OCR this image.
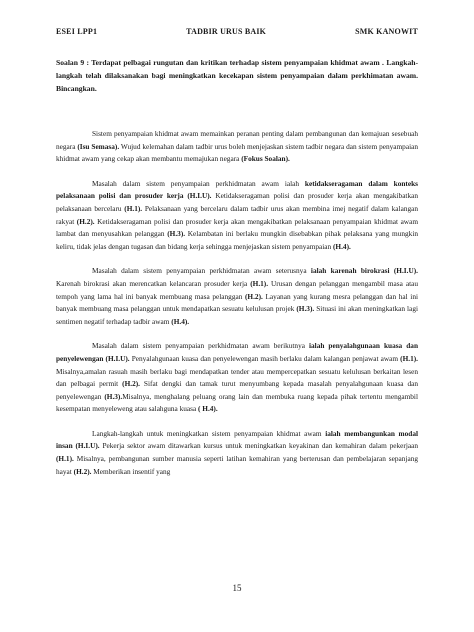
ESEI LPP1	TADBIR URUS BAIK	SMK KANOWIT
Soalan 9 : Terdapat pelbagai rungutan dan kritikan terhadap sistem penyampaian khidmat awam . Langkah-langkah telah dilaksanakan bagi meningkatkan kecekapan sistem penyampaian dalam perkhimatan awam. Bincangkan.

Sistem penyampaian khidmat awam memainkan peranan penting dalam pembangunan dan kemajuan sesebuah negara (Isu Semasa). Wujud kelemahan dalam tadbir urus boleh menjejaskan sistem tadbir negara dan sistem penyampaian khidmat awam yang cekap akan membantu memajukan negara (Fokus Soalan).

Masalah dalam sistem penyampaian perkhidmatan awam ialah ketidakseragaman dalam konteks pelaksanaan polisi dan prosuder kerja (H.I.U). Ketidakseragaman polisi dan prosuder kerja akan mengakibatkan pelaksanaan bercelaru (H.1). Pelaksanaan yang bercelaru dalam tadbir urus akan membina imej negatif dalam kalangan rakyat (H.2). Ketidakseragaman polisi dan prosuder kerja akan mengakibatkan pelaksanaan penyampaian khidmat awam lambat dan menyusahkan pelanggan (H.3). Kelambatan ini berlaku mungkin disebabkan pihak pelaksana yang mungkin keliru, tidak jelas dengan tugasan dan bidang kerja sehingga menjejaskan sistem penyampaian (H.4).

Masalah dalam sistem penyampaian perkhidmatan awam seterusnya ialah karenah birokrasi (H.I.U). Karenah birokrasi akan merencatkan kelancaran prosuder kerja (H.1). Urusan dengan pelanggan mengambil masa atau tempoh yang lama hal ini banyak membuang masa pelanggan (H.2). Layanan yang kurang mesra pelanggan dan hal ini banyak membuang masa pelanggan untuk mendapatkan sesuatu kelulusan projek (H.3). Situasi ini akan meningkatkan lagi sentimen negatif terhadap tadbir awam (H.4).

Masalah dalam sistem penyampaian perkhidmatan awam berikutnya ialah penyalahgunaan kuasa dan penyelewengan (H.I.U). Penyalahgunaan kuasa dan penyelewengan masih berlaku dalam kalangan penjawat awam (H.1). Misalnya,amalan rasuah masih berlaku bagi mendapatkan tender atau mempercepatkan sesuatu kelulusan berkaitan lesen dan pelbagai permit (H.2). Sifat dengki dan tamak turut menyumbang kepada masalah penyalahgunaan kuasa dan penyelewengan (H.3).Misalnya, menghalang peluang orang lain dan membuka ruang kepada pihak tertentu mengambil kesempatan menyeleweng atau salahguna kuasa ( H.4).

Langkah-langkah untuk meningkatkan sistem penyampaian khidmat awam ialah membangunkan modal insan (H.I.U). Pekerja sektor awam ditawarkan kursus untuk meningkatkan keyakinan dan kemahiran dalam pekerjaan (H.1). Misalnya, pembangunan sumber manusia seperti latihan kemahiran yang berterusan dan pembelajaran sepanjang hayat (H.2). Memberikan insentif yang

15
